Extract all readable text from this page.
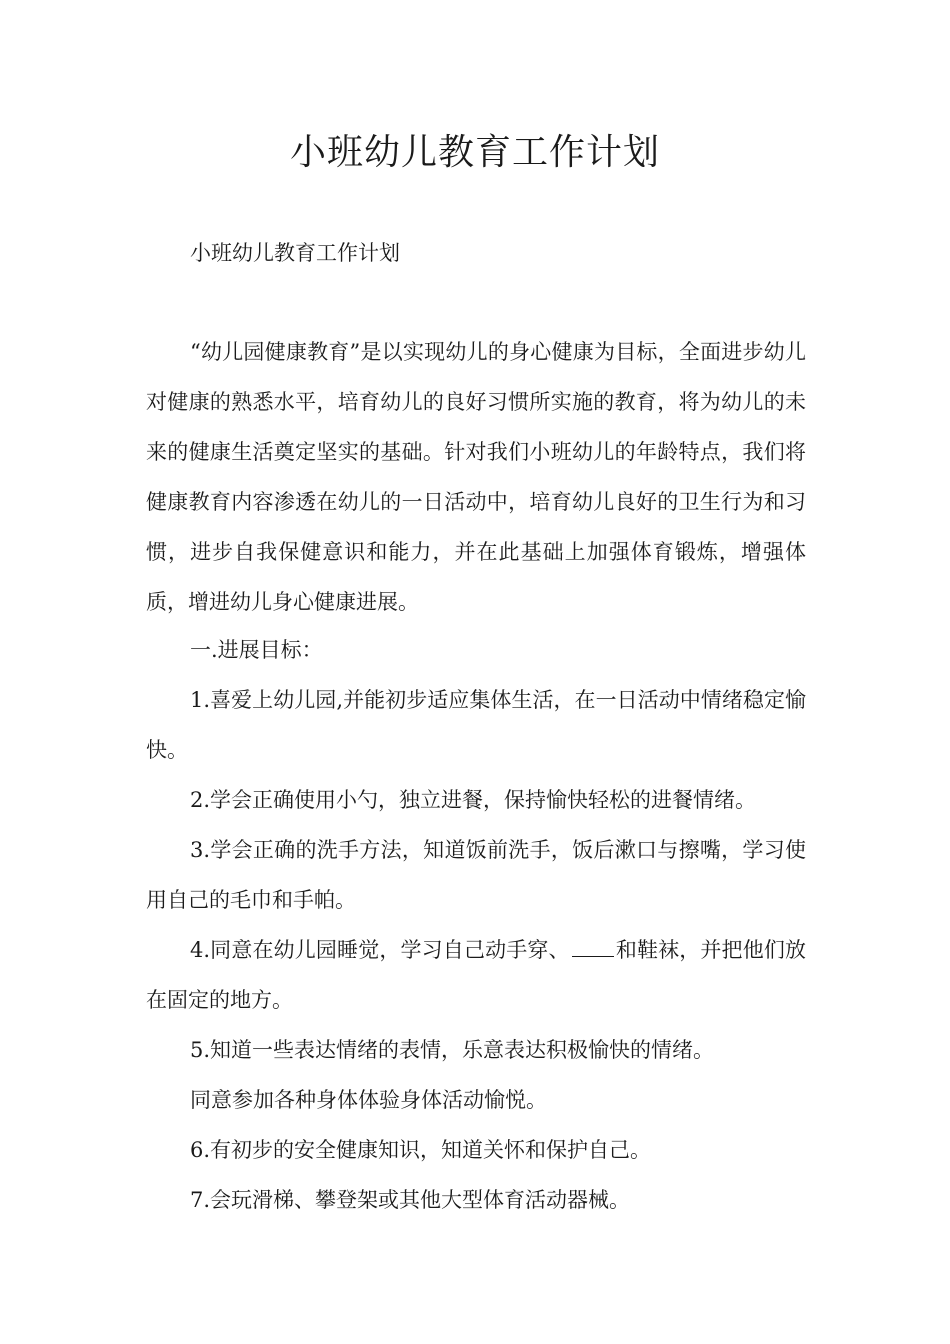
小班幼儿教育工作计划

小班幼儿教育工作计划

“幼儿园健康教育”是以实现幼儿的身心健康为目标，全面进步幼儿对健康的熟悉水平，培育幼儿的良好习惯所实施的教育，将为幼儿的未来的健康生活奠定坚实的基础。针对我们小班幼儿的年龄特点，我们将健康教育内容渗透在幼儿的一日活动中，培育幼儿良好的卫生行为和习惯，进步自我保健意识和能力，并在此基础上加强体育锻炼，增强体质，增进幼儿身心健康进展。

一.进展目标：

1.喜爱上幼儿园,并能初步适应集体生活，在一日活动中情绪稳定愉快。

2.学会正确使用小勺，独立进餐，保持愉快轻松的进餐情绪。

3.学会正确的洗手方法，知道饭前洗手，饭后漱口与擦嘴，学习使用自己的毛巾和手帕。

4.同意在幼儿园睡觉，学习自己动手穿、 和鞋袜，并把他们放在固定的地方。

5.知道一些表达情绪的表情，乐意表达积极愉快的情绪。

同意参加各种身体体验身体活动愉悦。

6.有初步的安全健康知识，知道关怀和保护自己。

7.会玩滑梯、攀登架或其他大型体育活动器械。
